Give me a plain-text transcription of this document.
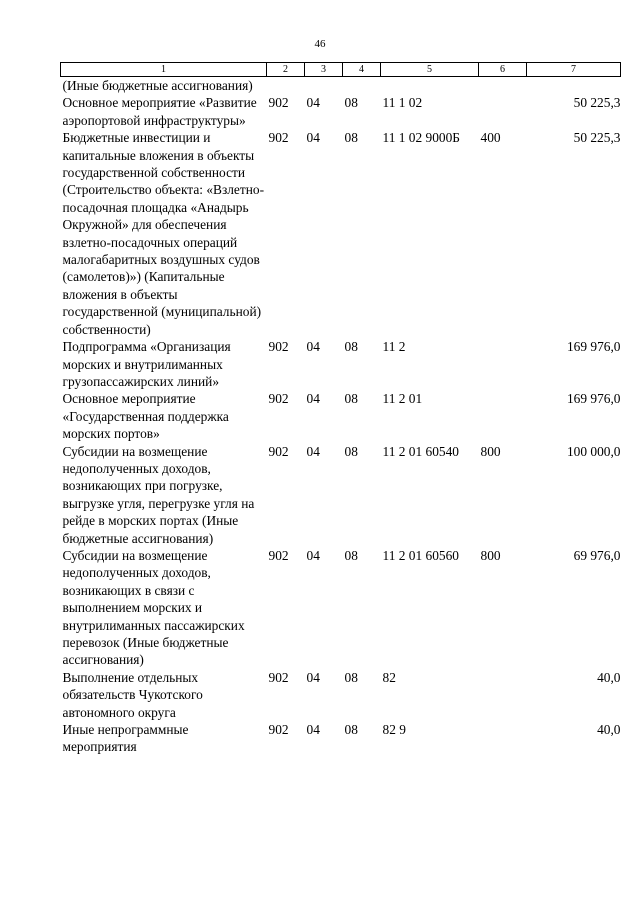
46
1	2	3	4	5	6	7
(Иные бюджетные ассигнования)						
Основное мероприятие «Развитие аэропортовой инфраструктуры»	902	04	08	11 1 02		50 225,3
Бюджетные инвестиции и капитальные вложения в объекты государственной собственности (Строительство объекта: «Взлетно-посадочная площадка «Анадырь Окружной» для обеспечения взлетно-посадочных операций малогабаритных воздушных судов (самолетов)») (Капитальные вложения в объекты государственной (муниципальной) собственности)	902	04	08	11 1 02 9000Б	400	50 225,3
Подпрограмма «Организация морских и внутрилиманных грузопассажирских линий»	902	04	08	11 2		169 976,0
Основное мероприятие «Государственная поддержка морских портов»	902	04	08	11 2 01		169 976,0
Субсидии на возмещение недополученных доходов, возникающих при погрузке, выгрузке угля, перегрузке угля на рейде в морских портах (Иные бюджетные ассигнования)	902	04	08	11 2 01 60540	800	100 000,0
Субсидии на возмещение недополученных доходов, возникающих в связи с выполнением морских и внутрилиманных пассажирских перевозок (Иные бюджетные ассигнования)	902	04	08	11 2 01 60560	800	69 976,0
Выполнение отдельных обязательств Чукотского автономного округа	902	04	08	82		40,0
Иные непрограммные мероприятия	902	04	08	82 9		40,0
